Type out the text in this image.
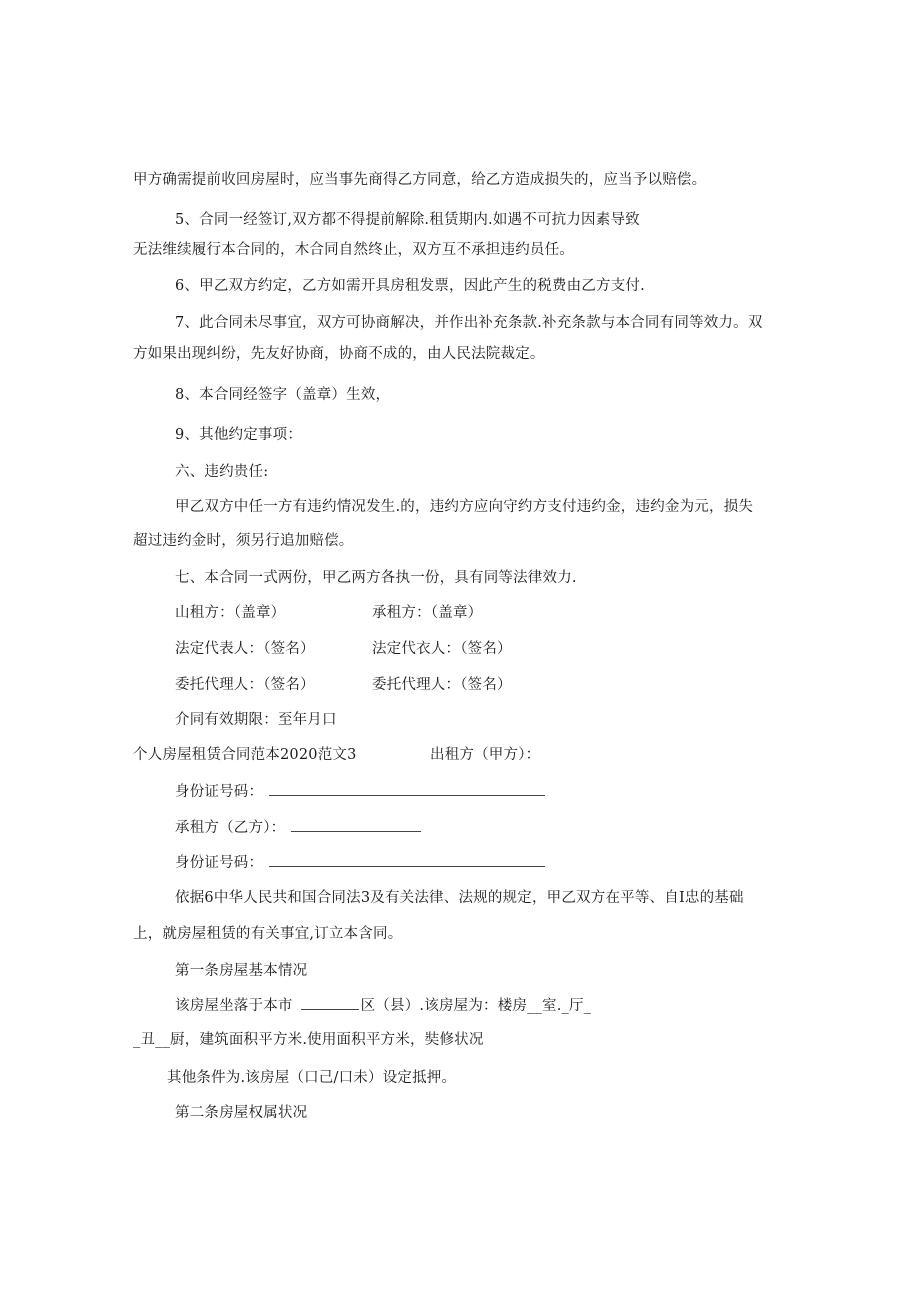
甲方确需提前收回房屋时，应当事先商得乙方同意，给乙方造成损失的，应当予以赔偿。

5、合同一经签订,双方都不得提前解除.租赁期内.如遇不可抗力因素导致

无法维续履行本合同的，木合同自然终止，双方互不承担违约员任。

6、甲乙双方约定，乙方如需开具房租发票，因此产生的税费由乙方支付.

7、此合同未尽事宜，双方可协商解决，并作出补充条款.补充条款与本合同有同等效力。双

方如果出现纠纷，先友好协商，协商不成的，由人民法院裁定。

8、本合同经签字（盖章）生效，

9、其他约定事项：

六、违约贵任:

甲乙双方中任一方有违约情况发生.的，违约方应向守约方支付违约金，违约金为元，损失

超过违约金时，须另行追加赔偿。

七、本合同一式两份，甲乙两方各执一份，具有同等法律效力.

山租方：（盖章）	承租方：（盖章）

法定代表人：（签名）	法定代衣人：（签名）

委托代理人：（签名）	委托代理人：（签名）

介同有效期限：至年月口

个人房屋租赁合同范本2020范文3	出租方（甲方）：

身份证号码：

承租方（乙方）：

身份证号码：

依据6中华人民共和国合同法3及有关法律、法规的规定，甲乙双方在平等、自I忠的基础

上，就房屋租赁的有关事宜,订立本含同。

第一条房屋基本情况

该房屋坐落于本市	区（县）.该房屋为：楼房__室._厅_

_丑__厨，建筑面积平方米.使用面积平方米，奘修状况

其他条件为.该房屋（口己/口未）设定抵押。

第二条房屋权属状况
